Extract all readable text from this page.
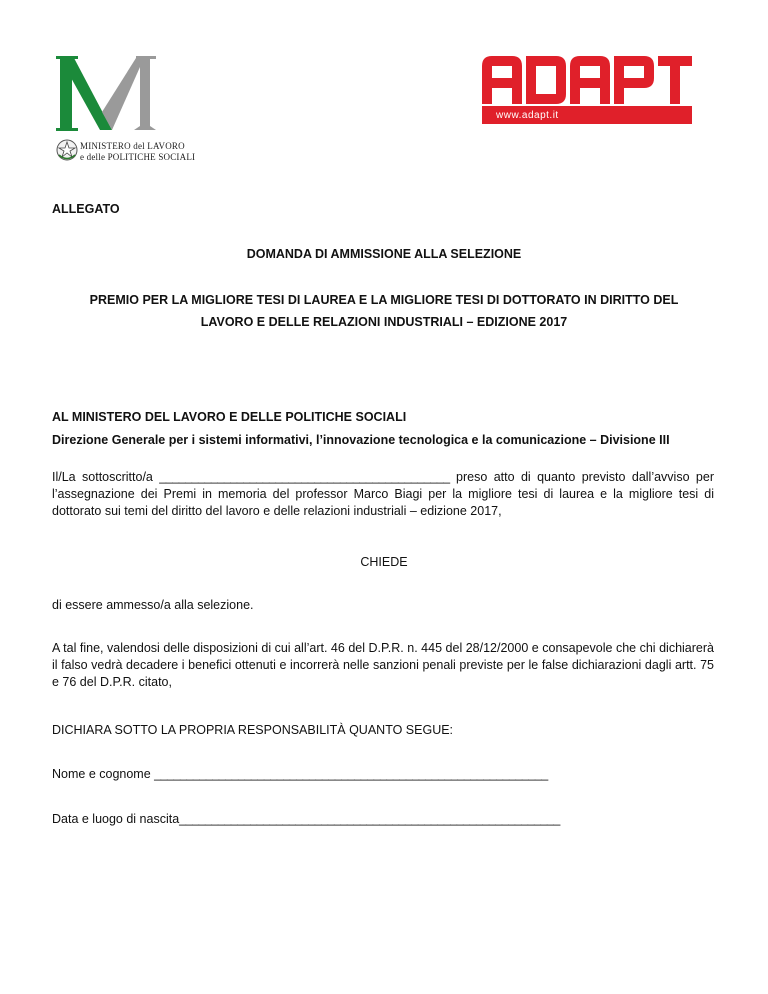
MINISTERO del LAVORO
e delle POLITICHE SOCIALI
www.adapt.it
ALLEGATO
DOMANDA DI AMMISSIONE ALLA SELEZIONE
PREMIO PER LA MIGLIORE TESI DI LAUREA E LA MIGLIORE TESI DI DOTTORATO IN DIRITTO DEL
LAVORO E DELLE RELAZIONI INDUSTRIALI – EDIZIONE 2017
AL MINISTERO DEL LAVORO E DELLE POLITICHE SOCIALI
Direzione Generale per i sistemi informativi, l’innovazione tecnologica e la comunicazione – Divisione III
Il/La sottoscritto/a _____________________________________________ preso atto di quanto previsto dall’avviso per l’assegnazione dei Premi in memoria del professor Marco Biagi per la migliore tesi di laurea e la migliore tesi di dottorato sui temi del diritto del lavoro e delle relazioni industriali – edizione 2017,
CHIEDE
di essere ammesso/a alla selezione.
A tal fine, valendosi delle disposizioni di cui all’art. 46 del D.P.R. n. 445 del 28/12/2000 e consapevole che chi dichiarerà il falso vedrà decadere i benefici ottenuti e incorrerà nelle sanzioni penali previste per le false dichiarazioni dagli artt. 75 e 76 del D.P.R. citato,
DICHIARA SOTTO LA PROPRIA RESPONSABILITÀ QUANTO SEGUE:
Nome e cognome _____________________________________________________________
Data e luogo di nascita___________________________________________________________
